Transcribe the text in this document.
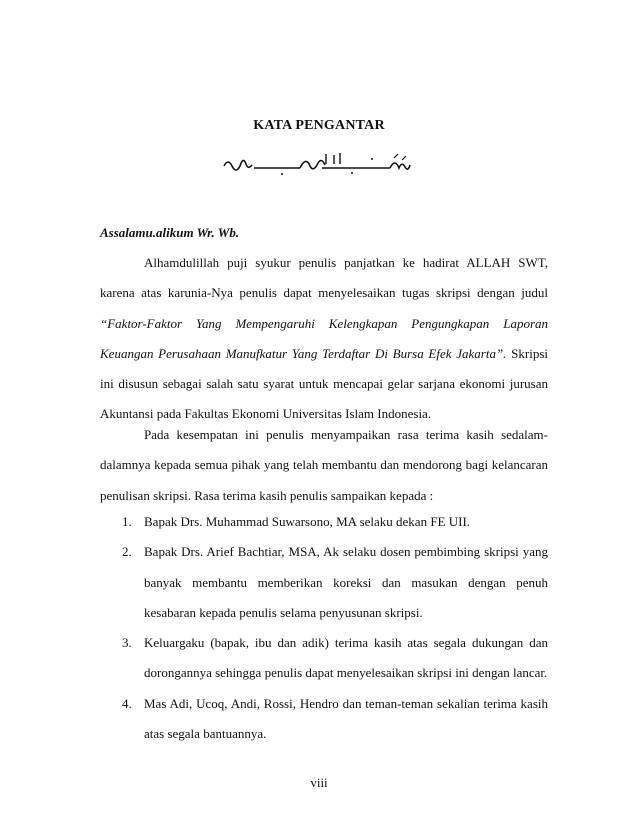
KATA PENGANTAR
Assalamu.alikum Wr. Wb.

Alhamdulillah puji syukur penulis panjatkan ke hadirat ALLAH SWT, karena atas karunia-Nya penulis dapat menyelesaikan tugas skripsi dengan judul “Faktor-Faktor Yang Mempengaruhi Kelengkapan Pengungkapan Laporan Keuangan Perusahaan Manufkatur Yang Terdaftar Di Bursa Efek Jakarta”. Skripsi ini disusun sebagai salah satu syarat untuk mencapai gelar sarjana ekonomi jurusan Akuntansi pada Fakultas Ekonomi Universitas Islam Indonesia.

Pada kesempatan ini penulis menyampaikan rasa terima kasih sedalam-dalamnya kepada semua pihak yang telah membantu dan mendorong bagi kelancaran penulisan skripsi. Rasa terima kasih penulis sampaikan kepada :

1. Bapak Drs. Muhammad Suwarsono, MA selaku dekan FE UII.
2. Bapak Drs. Arief Bachtiar, MSA, Ak selaku dosen pembimbing skripsi yang banyak membantu memberikan koreksi dan masukan dengan penuh kesabaran kepada penulis selama penyusunan skripsi.
3. Keluargaku (bapak, ibu dan adik) terima kasih atas segala dukungan dan dorongannya sehingga penulis dapat menyelesaikan skripsi ini dengan lancar.
4. Mas Adi, Ucoq, Andi, Rossi, Hendro dan teman-teman sekalian terima kasih atas segala bantuannya.
viii
